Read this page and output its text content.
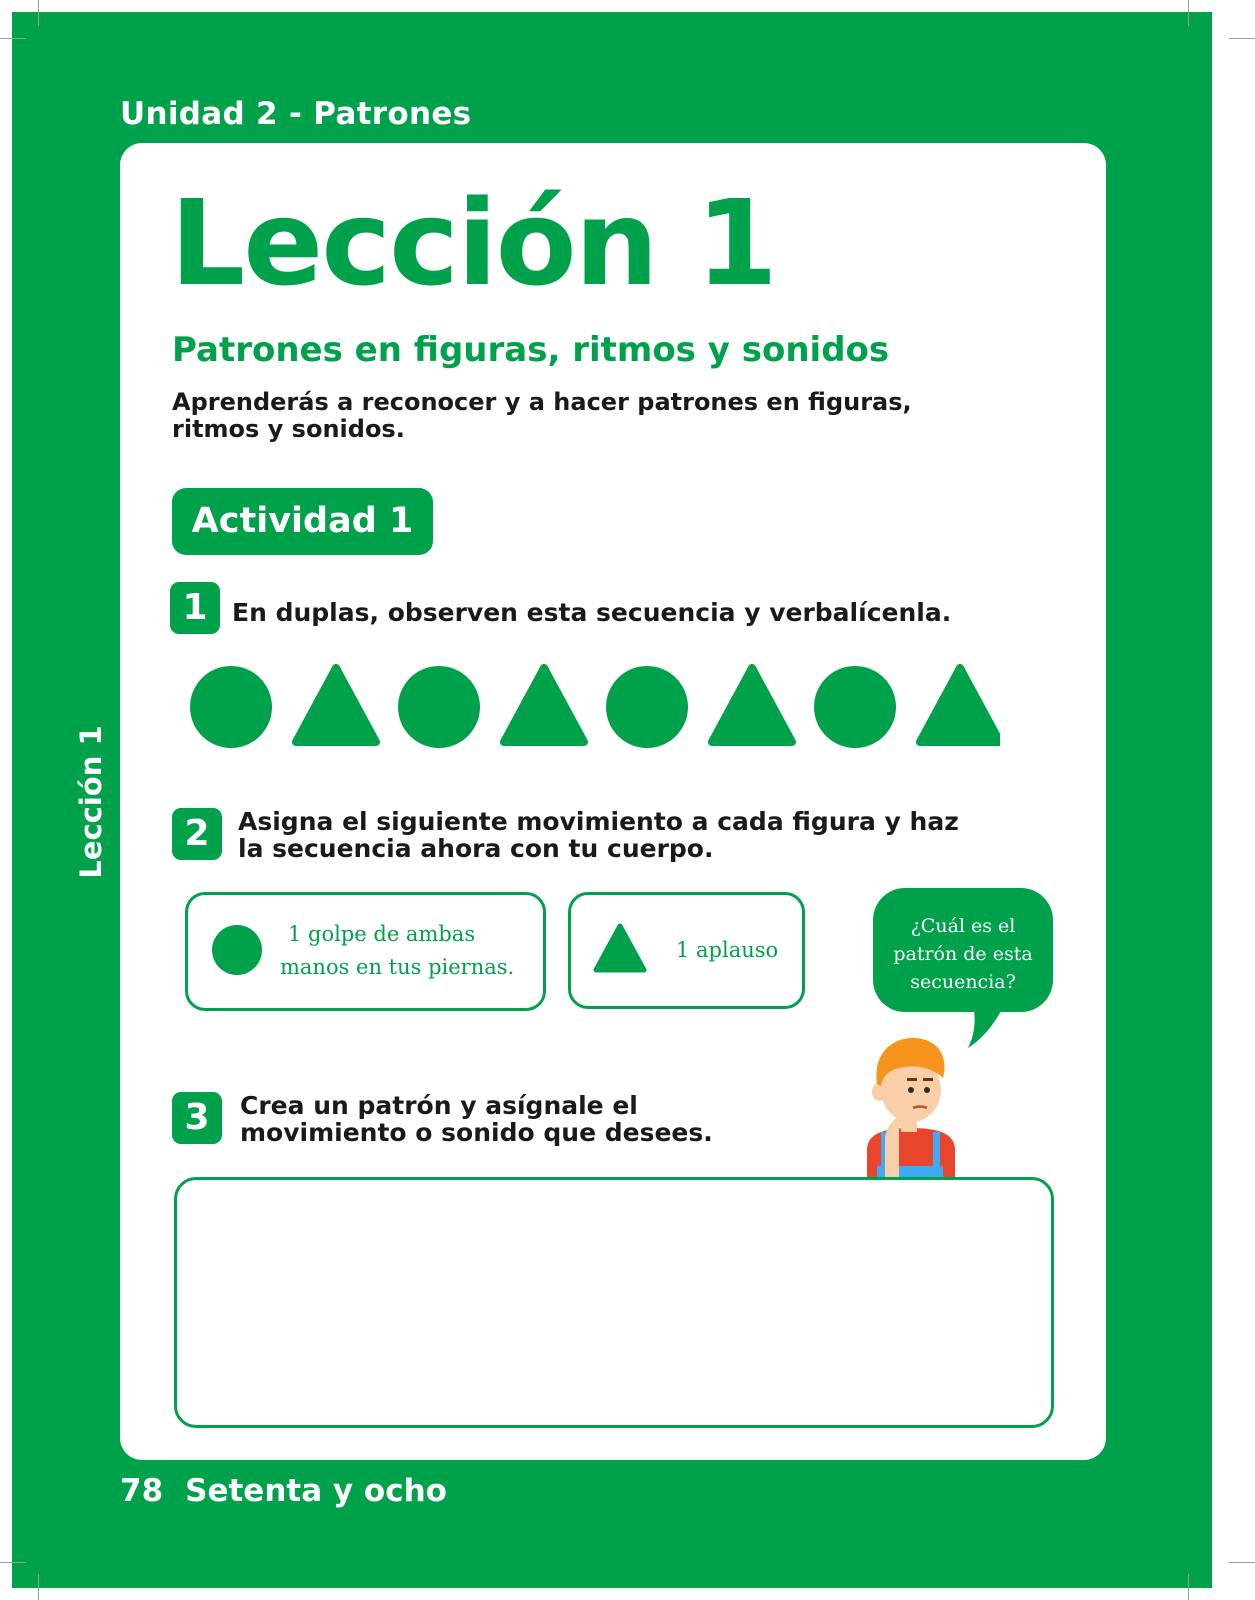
Unidad 2 - Patrones
Lección 1
Lección 1
Patrones en figuras, ritmos y sonidos
Aprenderás a reconocer y a hacer patrones en figuras,
ritmos y sonidos.
Actividad 1
1 En duplas, observen esta secuencia y verbalícenla.
2	Asigna el siguiente movimiento a cada figura y haz
la secuencia ahora con tu cuerpo.
1 golpe de ambas
manos en tus piernas.
1 aplauso
¿Cuál es el
patrón de esta
secuencia?
3	Crea un patrón y asígnale el
movimiento o sonido que desees.
78 Setenta y ocho
